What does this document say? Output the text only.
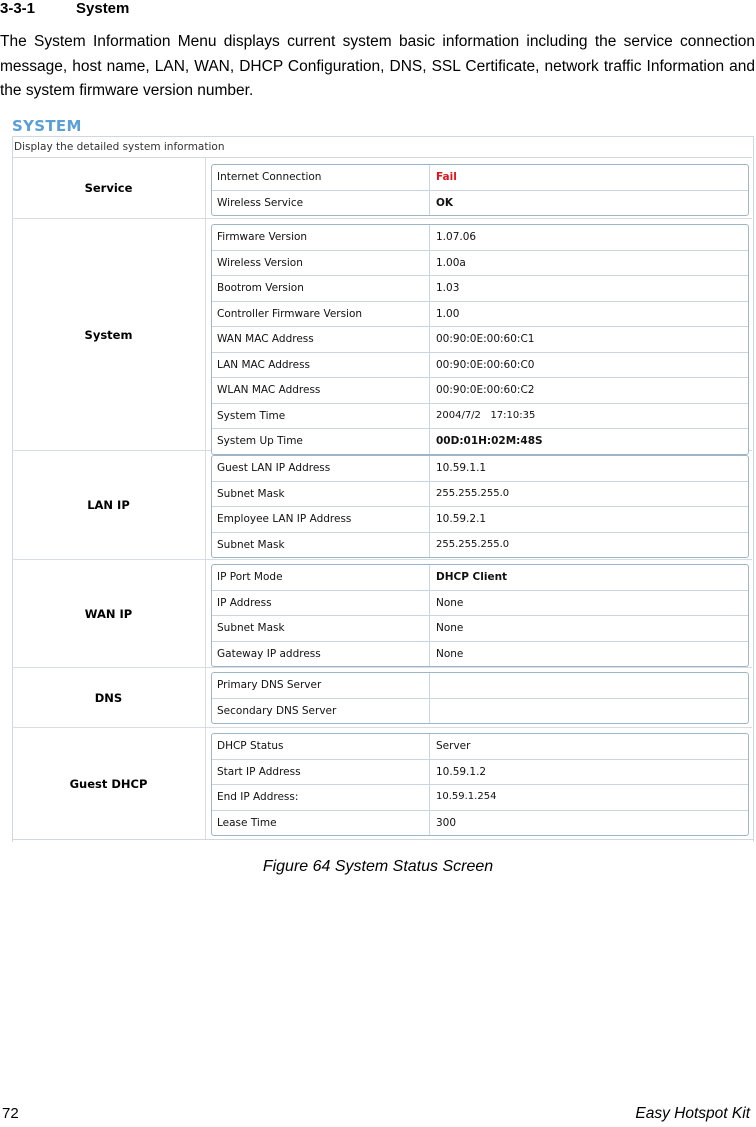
3-3-1	System
The System Information Menu displays current system basic information including the service connection message, host name, LAN, WAN, DHCP Configuration, DNS, SSL Certificate, network traffic Information and the system firmware version number.
SYSTEM
Display the detailed system information
Service
Internet Connection	Fail
Wireless Service	OK
System
Firmware Version	1.07.06
Wireless Version	1.00a
Bootrom Version	1.03
Controller Firmware Version	1.00
WAN MAC Address	00:90:0E:00:60:C1
LAN MAC Address	00:90:0E:00:60:C0
WLAN MAC Address	00:90:0E:00:60:C2
System Time	2004/7/2   17:10:35
System Up Time	00D:01H:02M:48S
LAN IP
Guest LAN IP Address	10.59.1.1
Subnet Mask	255.255.255.0
Employee LAN IP Address	10.59.2.1
Subnet Mask	255.255.255.0
WAN IP
IP Port Mode	DHCP Client
IP Address	None
Subnet Mask	None
Gateway IP address	None
DNS
Primary DNS Server
Secondary DNS Server
Guest DHCP
DHCP Status	Server
Start IP Address	10.59.1.2
End IP Address:	10.59.1.254
Lease Time	300
Figure 64 System Status Screen
72	Easy Hotspot Kit
